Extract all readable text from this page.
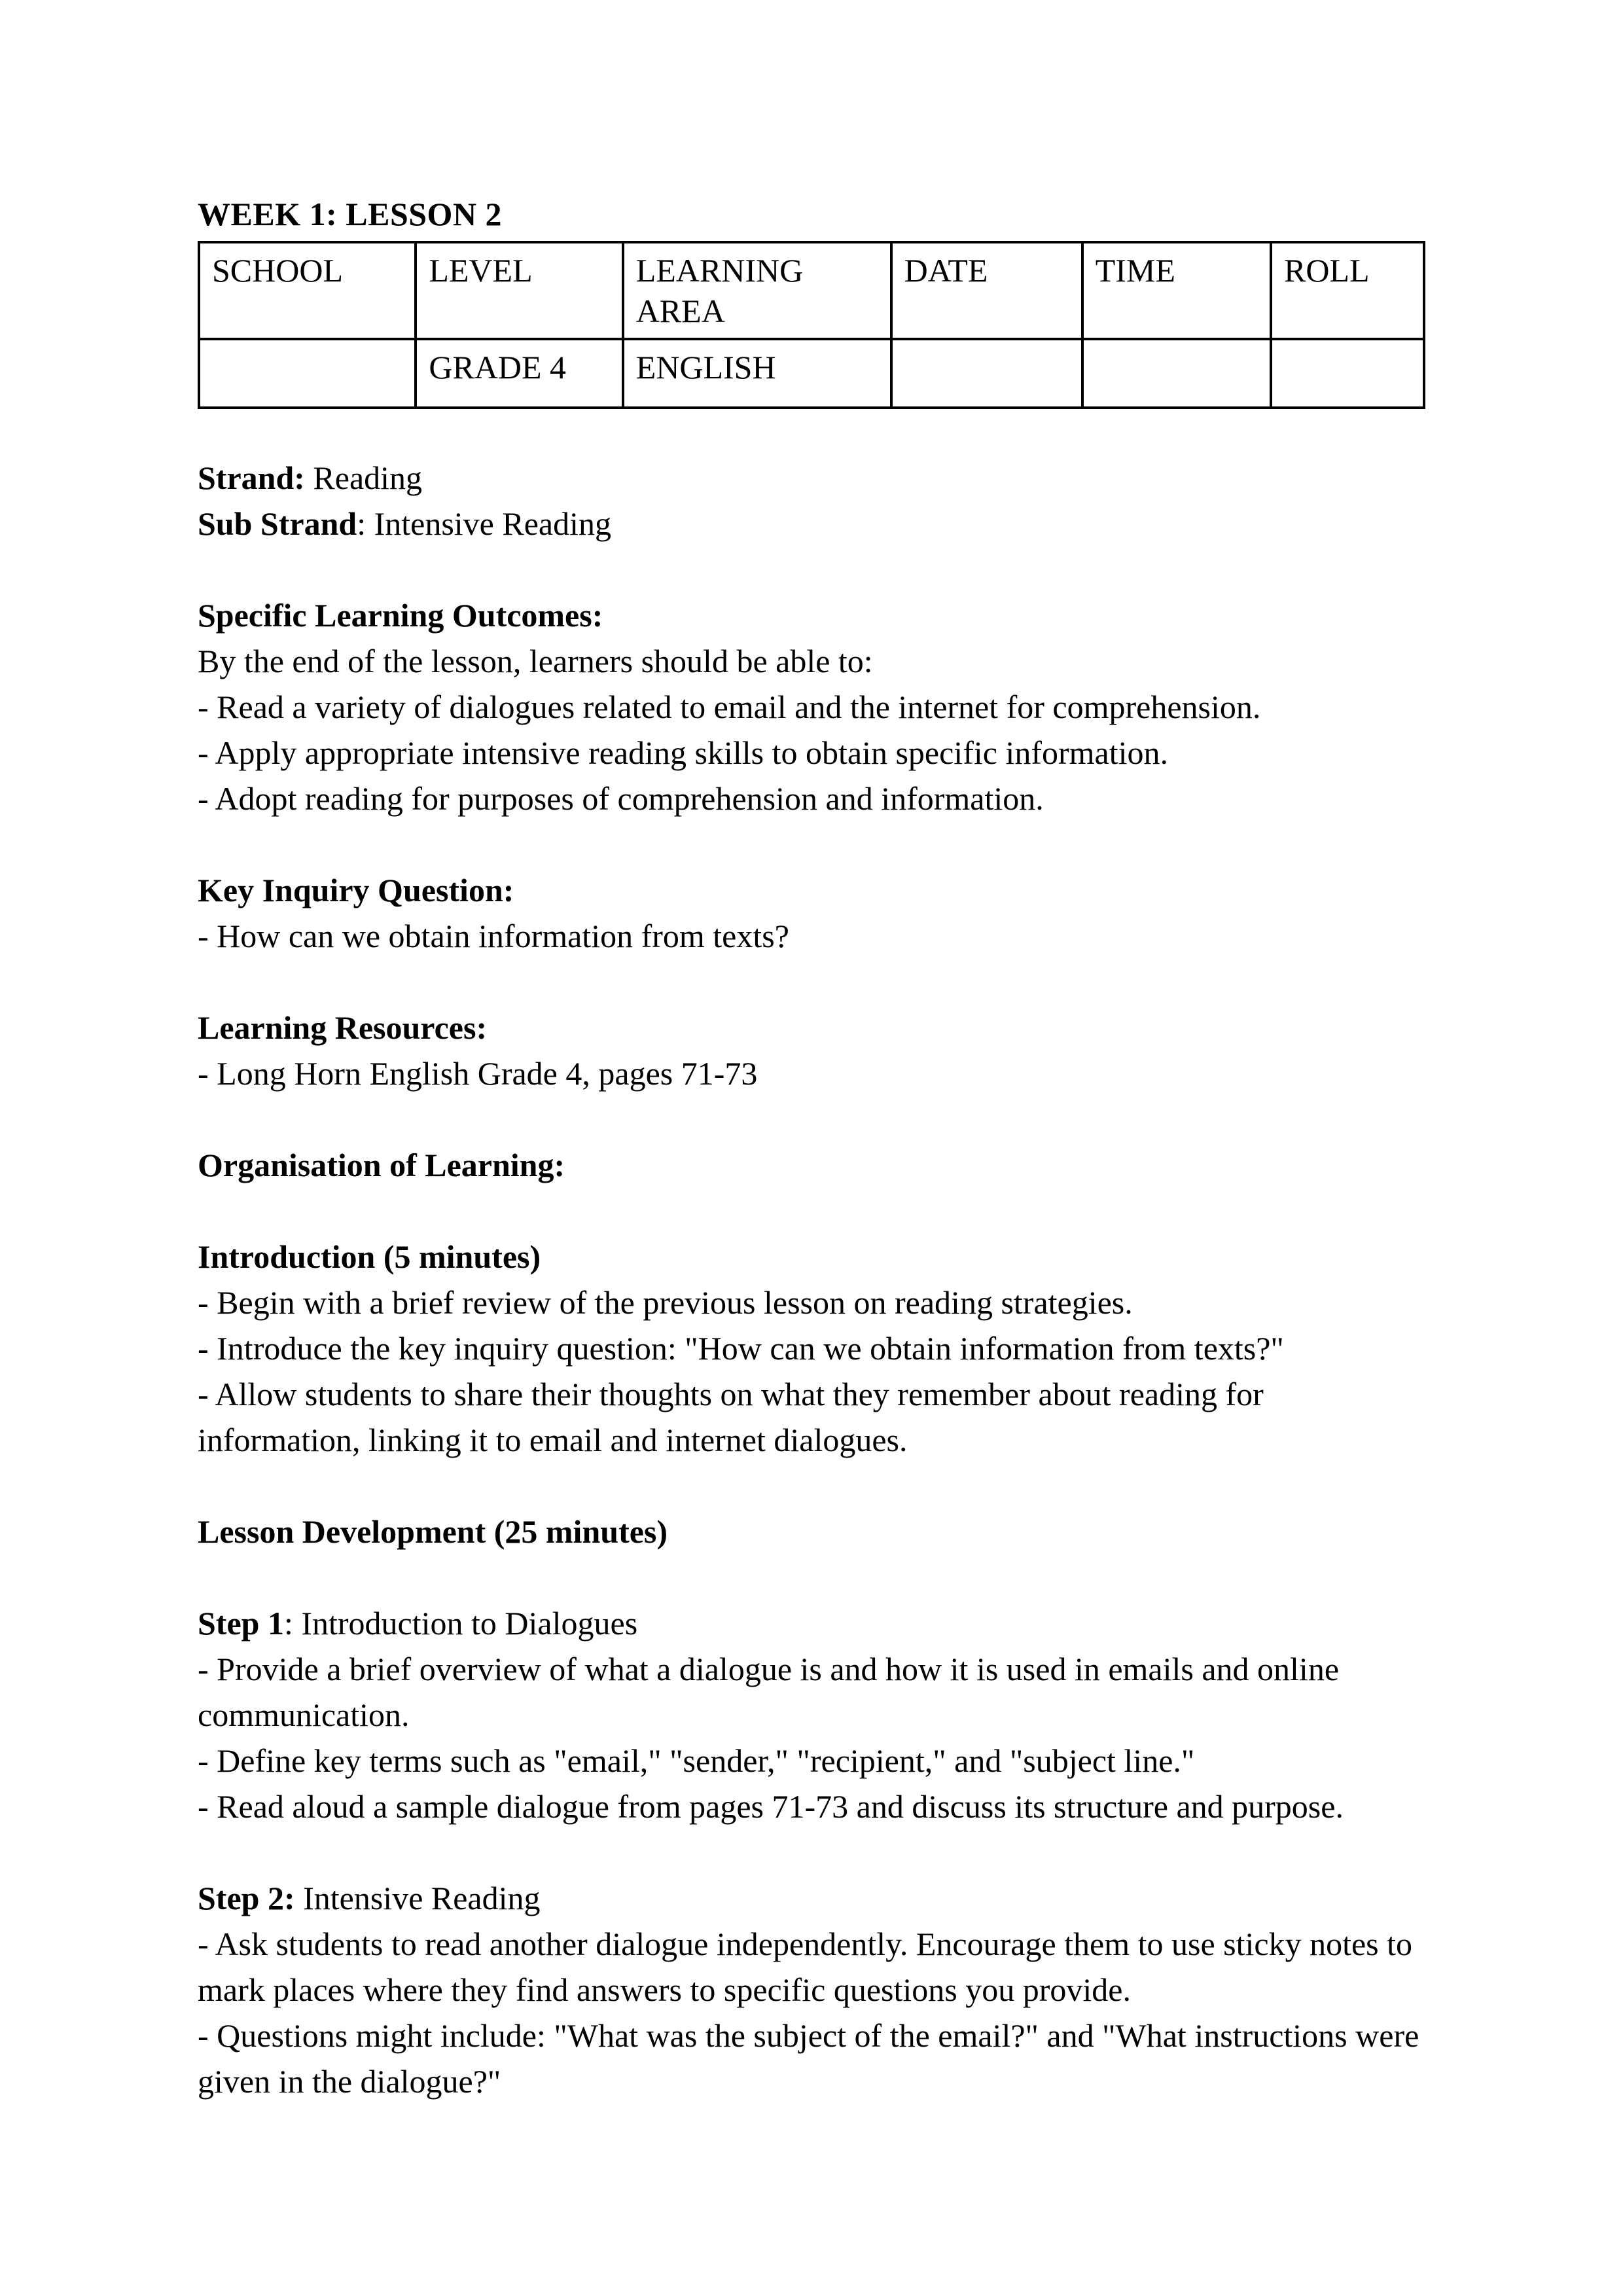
WEEK 1: LESSON 2
SCHOOL	LEVEL	LEARNING AREA	DATE	TIME	ROLL
	GRADE 4	ENGLISH			

Strand: Reading

Sub Strand: Intensive Reading

Specific Learning Outcomes:

By the end of the lesson, learners should be able to:

- Read a variety of dialogues related to email and the internet for comprehension.

- Apply appropriate intensive reading skills to obtain specific information.

- Adopt reading for purposes of comprehension and information.

Key Inquiry Question:

- How can we obtain information from texts?

Learning Resources:

- Long Horn English Grade 4, pages 71-73

Organisation of Learning:

Introduction (5 minutes)

- Begin with a brief review of the previous lesson on reading strategies.

- Introduce the key inquiry question: "How can we obtain information from texts?"

- Allow students to share their thoughts on what they remember about reading for information, linking it to email and internet dialogues.

Lesson Development (25 minutes)

Step 1: Introduction to Dialogues

- Provide a brief overview of what a dialogue is and how it is used in emails and online communication.

- Define key terms such as "email," "sender," "recipient," and "subject line."

- Read aloud a sample dialogue from pages 71-73 and discuss its structure and purpose.

Step 2: Intensive Reading

- Ask students to read another dialogue independently. Encourage them to use sticky notes to mark places where they find answers to specific questions you provide.

- Questions might include: "What was the subject of the email?" and "What instructions were given in the dialogue?"
